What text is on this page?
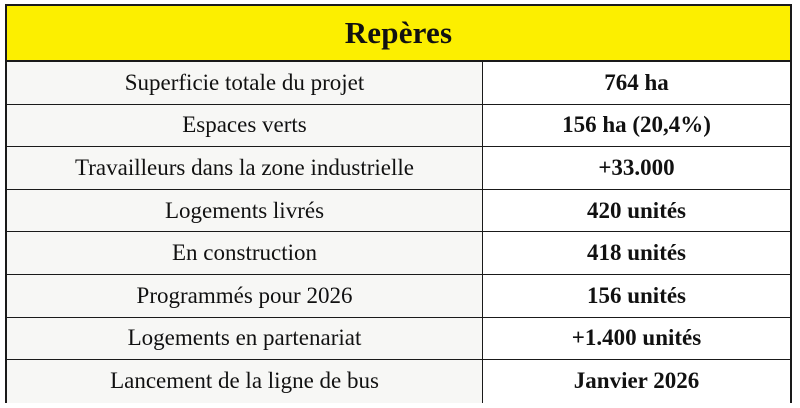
Repères
Superficie totale du projet	764 ha
Espaces verts	156 ha (20,4%)
Travailleurs dans la zone industrielle	+33.000
Logements livrés	420 unités
En construction	418 unités
Programmés pour 2026	156 unités
Logements en partenariat	+1.400 unités
Lancement de la ligne de bus	Janvier 2026
